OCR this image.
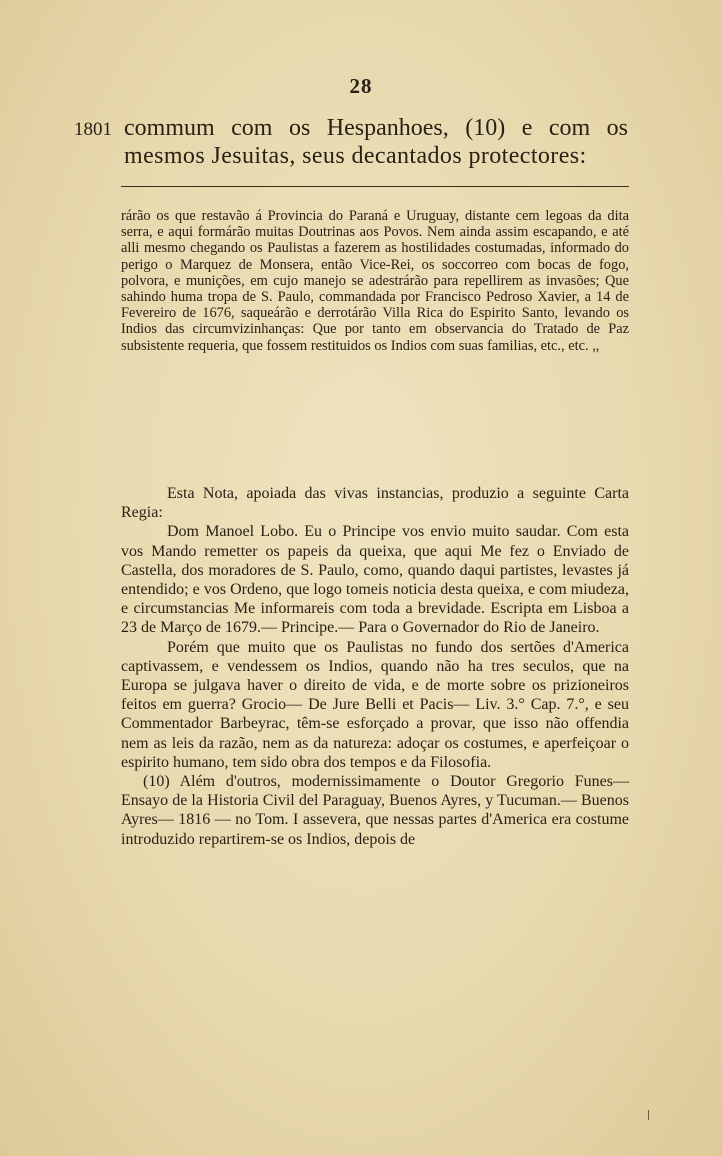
28
1801 commum com os Hespanhoes, (10) e com os
mesmos Jesuitas, seus decantados protectores:

rárão os que restavão á Provincia do Paraná e Uruguay, distante cem legoas da dita serra, e aqui formárão muitas Doutrinas aos Povos. Nem ainda assim escapando, e até alli mesmo chegando os Paulistas a fazerem as hostilidades costumadas, informado do perigo o Marquez de Monsera, então Vice-Rei, os soccorreo com bocas de fogo, polvora, e munições, em cujo manejo se adestrárão para repellirem as invasões; Que sahindo huma tropa de S. Paulo, commandada por Francisco Pedroso Xavier, a 14 de Fevereiro de 1676, saqueárão e derrotárão Villa Rica do Espirito Santo, levando os Indios das circumvizinhanças: Que por tanto em observancia do Tratado de Paz subsistente requeria, que fossem restituidos os Indios com suas familias, etc., etc. ,,

Esta Nota, apoiada das vivas instancias, produzio a seguinte Carta Regia:

Dom Manoel Lobo. Eu o Principe vos envio muito saudar. Com esta vos Mando remetter os papeis da queixa, que aqui Me fez o Enviado de Castella, dos moradores de S. Paulo, como, quando daqui partistes, levastes já entendido; e vos Ordeno, que logo tomeis noticia desta queixa, e com miudeza, e circumstancias Me informareis com toda a brevidade. Escripta em Lisboa a 23 de Março de 1679.— Principe.— Para o Governador do Rio de Janeiro.

Porém que muito que os Paulistas no fundo dos sertões d'America captivassem, e vendessem os Indios, quando não ha tres seculos, que na Europa se julgava haver o direito de vida, e de morte sobre os prizioneiros feitos em guerra? Grocio— De Jure Belli et Pacis— Liv. 3.° Cap. 7.°, e seu Commentador Barbeyrac, têm-se esforçado a provar, que isso não offendia nem as leis da razão, nem as da natureza: adoçar os costumes, e aperfeiçoar o espirito humano, tem sido obra dos tempos e da Filosofia.

(10) Além d'outros, modernissimamente o Doutor Gregorio Funes— Ensayo de la Historia Civil del Paraguay, Buenos Ayres, y Tucuman.— Buenos Ayres— 1816 — no Tom. I assevera, que nessas partes d'America era costume introduzido repartirem-se os Indios, depois de
